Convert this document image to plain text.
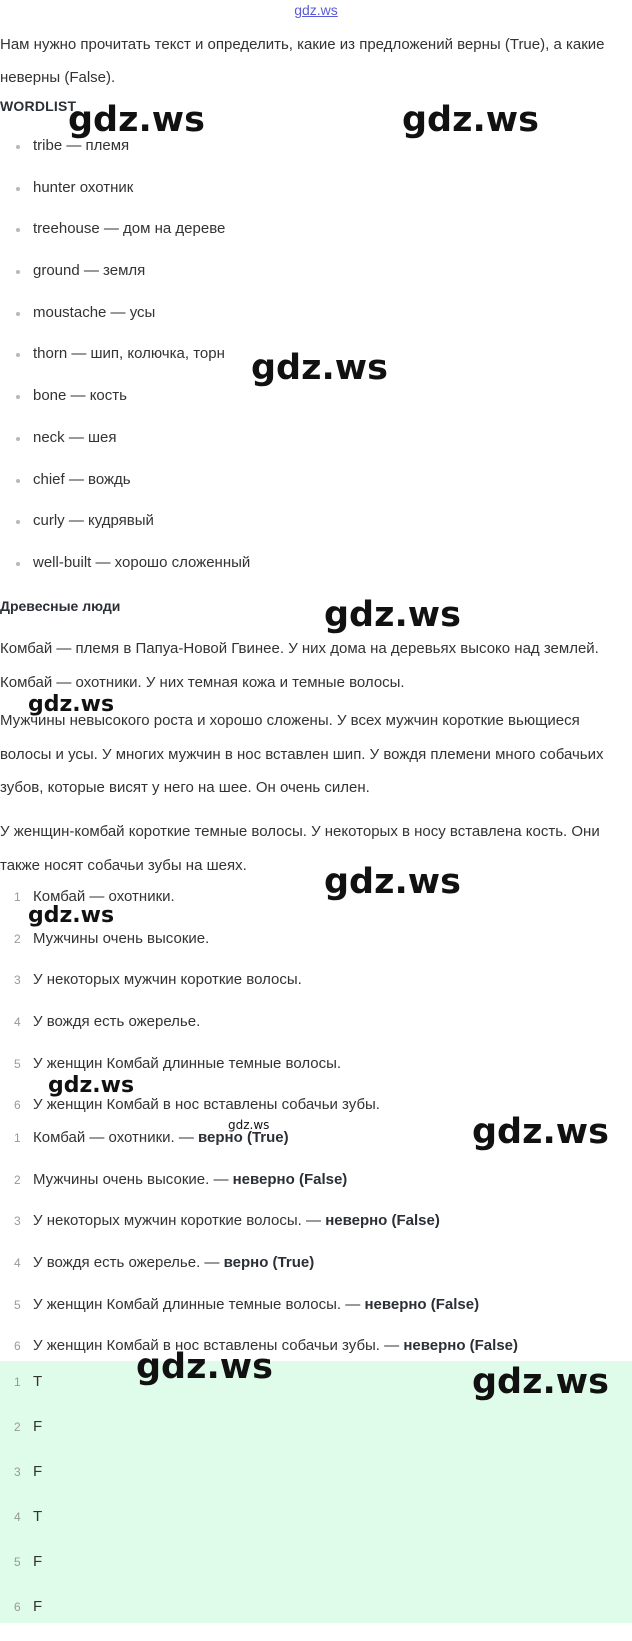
gdz.ws

Нам нужно прочитать текст и определить, какие из предложений верны (True), а какие неверны (False).

WORDLIST
tribe — племя
hunter охотник
treehouse — дом на дереве
ground — земля
moustache — усы
thorn — шип, колючка, торн
bone — кость
neck — шея
chief — вождь
curly — кудрявый
well-built — хорошо сложенный
Древесные люди

Комбай — племя в Папуа-Новой Гвинее. У них дома на деревьях высоко над землей. Комбай — охотники. У них темная кожа и темные волосы.

Мужчины невысокого роста и хорошо сложены. У всех мужчин короткие вьющиеся волосы и усы. У многих мужчин в нос вставлен шип. У вождя племени много собачьих зубов, которые висят у него на шее. Он очень силен.

У женщин-комбай короткие темные волосы. У некоторых в носу вставлена кость. Они также носят собачьи зубы на шеях.

1 Комбай — охотники.
2 Мужчины очень высокие.
3 У некоторых мужчин короткие волосы.
4 У вождя есть ожерелье.
5 У женщин Комбай длинные темные волосы.
6 У женщин Комбай в нос вставлены собачьи зубы.
1 Комбай — охотники. — верно (True)
2 Мужчины очень высокие. — неверно (False)
3 У некоторых мужчин короткие волосы. — неверно (False)
4 У вождя есть ожерелье. — верно (True)
5 У женщин Комбай длинные темные волосы. — неверно (False)
6 У женщин Комбай в нос вставлены собачьи зубы. — неверно (False)
1 T
2 F
3 F
4 T
5 F
6 F
gdz.ws	gdz.ws
gdz.ws
gdz.ws
gdz.ws
gdz.ws
gdz.ws
gdz.ws
gdz.ws	gdz.ws
gdz.ws	gdz.ws
